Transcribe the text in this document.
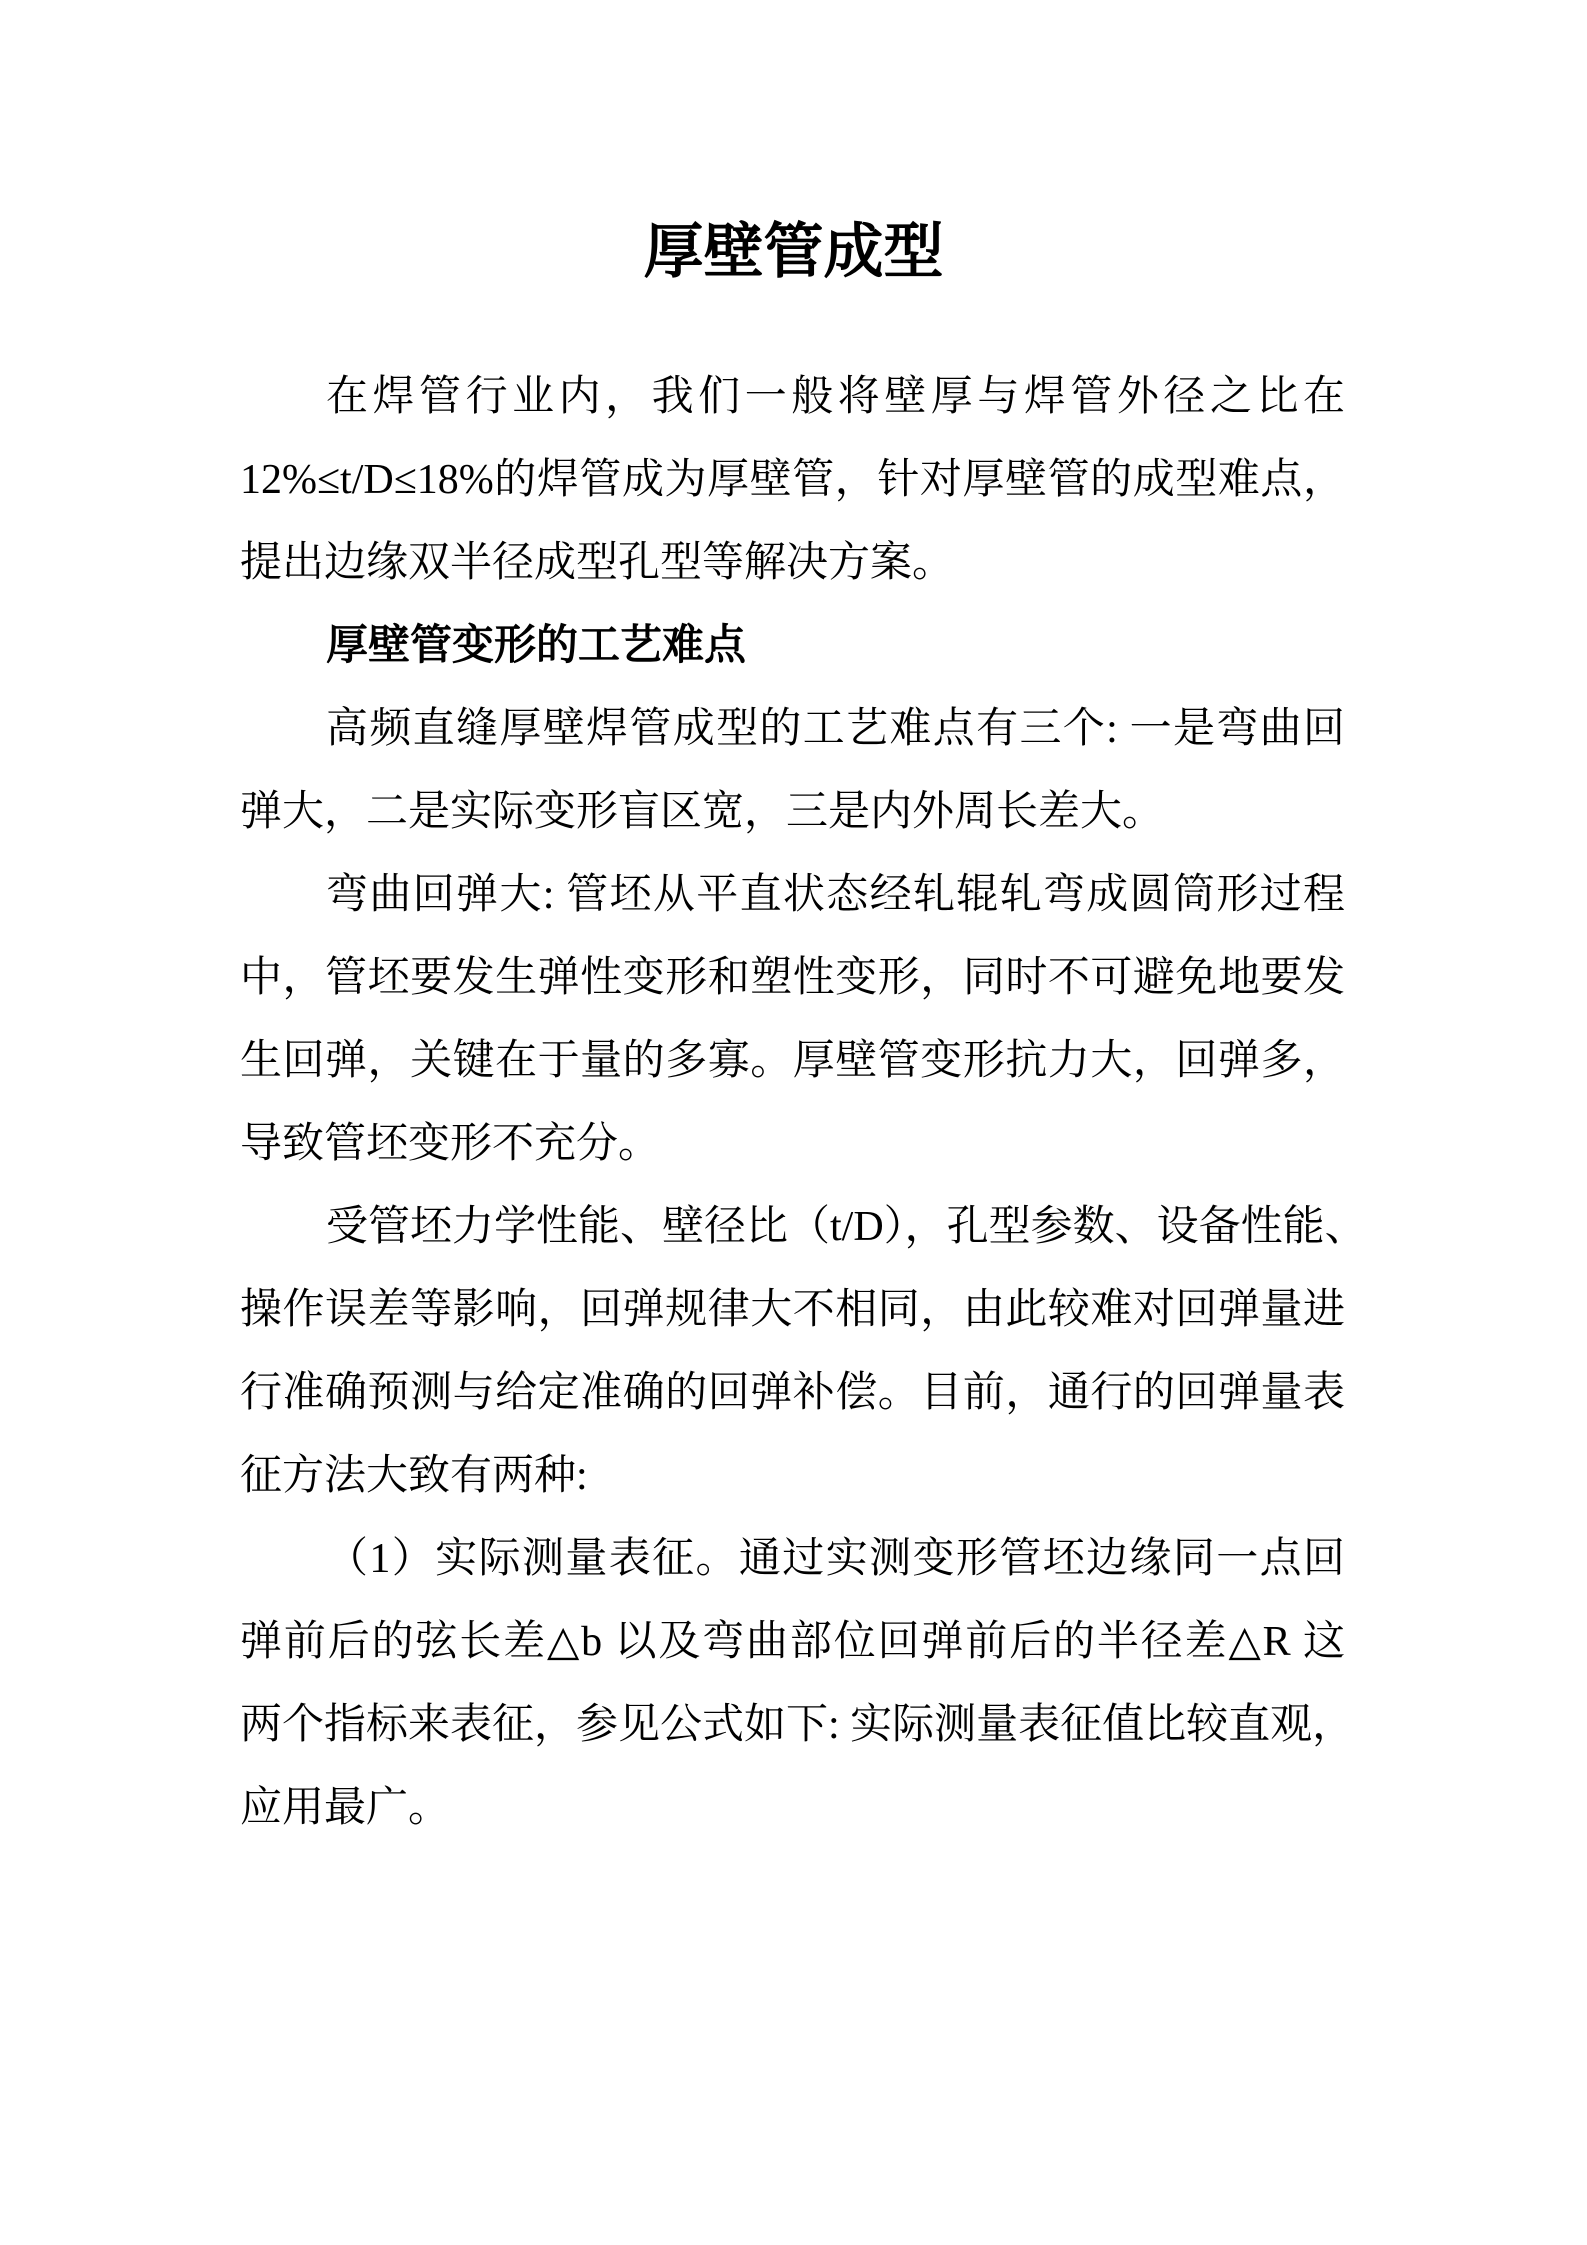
厚壁管成型
在焊管行业内，我们一般将壁厚与焊管外径之比在
12%≤t/D≤18%的焊管成为厚壁管，针对厚壁管的成型难点，
提出边缘双半径成型孔型等解决方案。
厚壁管变形的工艺难点
高频直缝厚壁焊管成型的工艺难点有三个: 一是弯曲回
弹大，二是实际变形盲区宽，三是内外周长差大。
弯曲回弹大: 管坯从平直状态经轧辊轧弯成圆筒形过程
中，管坯要发生弹性变形和塑性变形，同时不可避免地要发
生回弹，关键在于量的多寡。厚壁管变形抗力大，回弹多，
导致管坯变形不充分。
受管坯力学性能、壁径比（t/D），孔型参数、设备性能、
操作误差等影响，回弹规律大不相同，由此较难对回弹量进
行准确预测与给定准确的回弹补偿。目前，通行的回弹量表
征方法大致有两种:
（1）实际测量表征。通过实测变形管坯边缘同一点回
弹前后的弦长差△b 以及弯曲部位回弹前后的半径差△R 这
两个指标来表征，参见公式如下: 实际测量表征值比较直观，
应用最广。
